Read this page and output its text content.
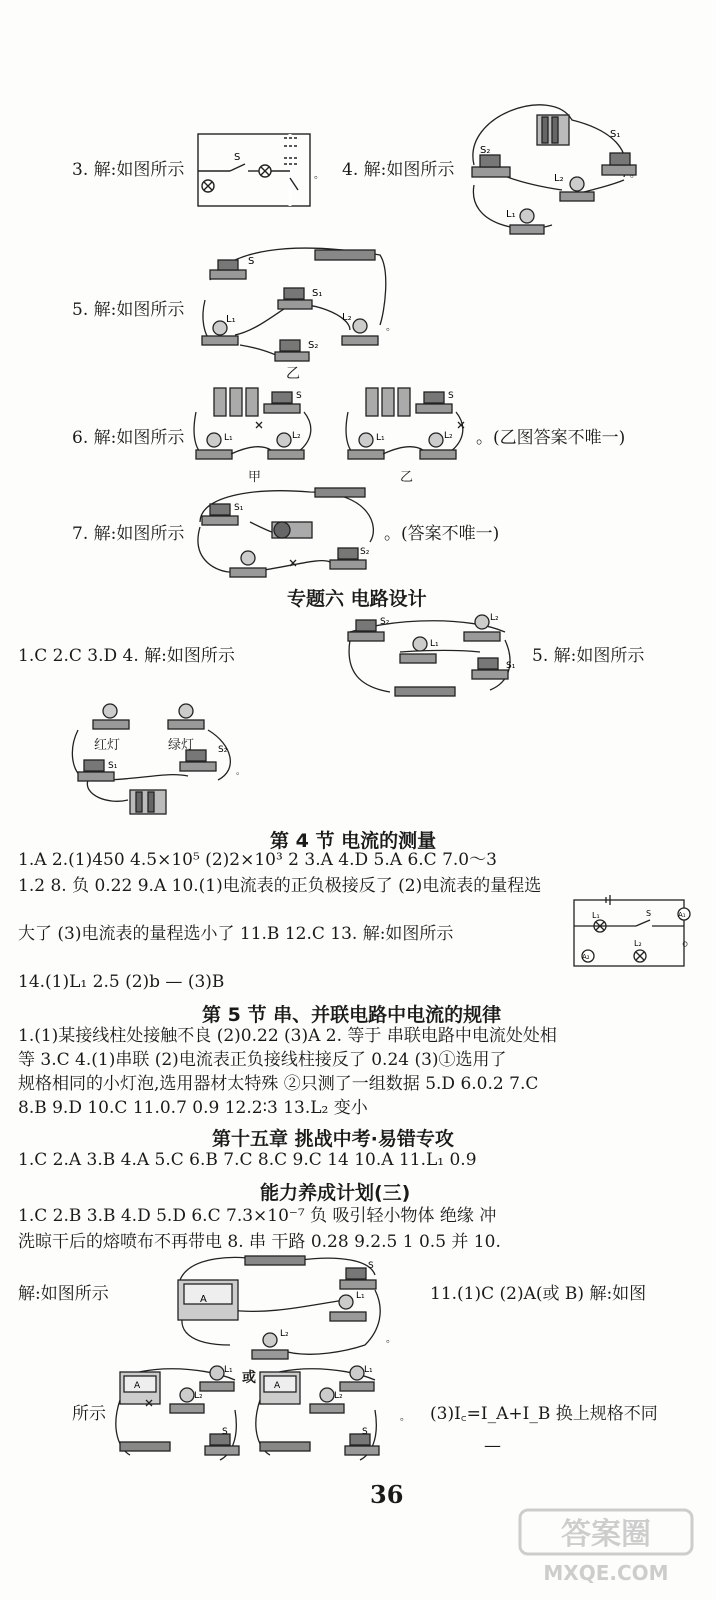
3. 解:如图所示
S
。 4. 解:如图所示
S₂
S₁
L₂
L₁
。
5. 解:如图所示
S
S₁
L₁	L₂
S₂
。
乙
6. 解:如图所示
S
L₁	L₂
甲
S
L₁	L₂
乙
。(乙图答案不唯一)
7. 解:如图所示
S₁
S₂
。(答案不唯一)
专题六 电路设计
1.C 2.C 3.D 4. 解:如图所示
S₂	L₂
L₁
S₁ 5. 解:如图所示
S₁
S₂
。
红灯	绿灯
第 4 节 电流的测量
1.A 2.(1)450 4.5×10⁵ (2)2×10³ 2 3.A 4.D 5.A 6.C 7.0～3
1.2 8. 负 0.22 9.A 10.(1)电流表的正负极接反了 (2)电流表的量程选
大了 (3)电流表的量程选小了 11.B 12.C 13. 解:如图所示
L₁	S	A₁
A₂
L₂ 。
14.(1)L₁ 2.5 (2)b — (3)B
第 5 节 串、并联电路中电流的规律
1.(1)某接线柱处接触不良 (2)0.22 (3)A 2. 等于 串联电路中电流处处相
等 3.C 4.(1)串联 (2)电流表正负接线柱接反了 0.24 (3)①选用了
规格相同的小灯泡,选用器材太特殊 ②只测了一组数据 5.D 6.0.2 7.C
8.B 9.D 10.C 11.0.7 0.9 12.2∶3 13.L₂ 变小
第十五章 挑战中考·易错专攻
1.C 2.A 3.B 4.A 5.C 6.B 7.C 8.C 9.C 14 10.A 11.L₁ 0.9
能力养成计划(三)
1.C 2.B 3.B 4.D 5.D 6.C 7.3×10⁻⁷ 负 吸引轻小物体 绝缘 冲
洗晾干后的熔喷布不再带电 8. 串 干路 0.28 9.2.5 1 0.5 并 10.
A
S
L₁
L₂	。
解:如图所示	11.(1)C (2)A(或 B) 解:如图
A
L₁
L₂
S
A
L₁
L₂
S
。
或
所示	(3)I꜀=I_A+I_B 换上规格不同
—
36
答案圈
MXQE.COM
